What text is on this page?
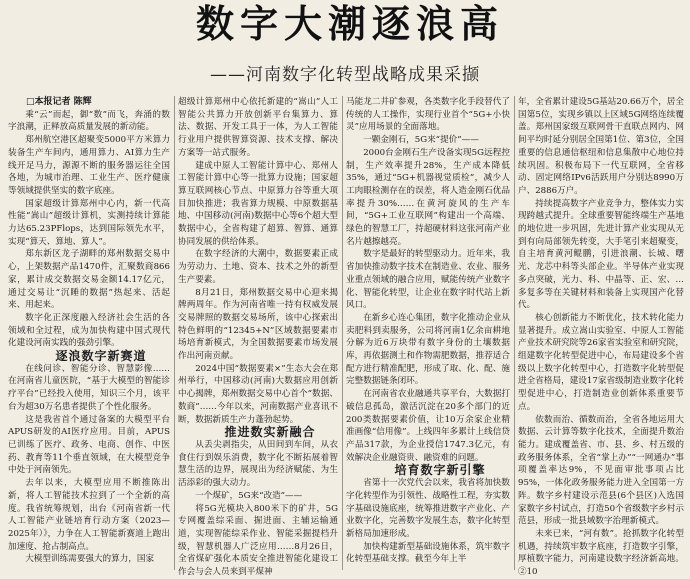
数字大潮逐浪高
——河南数字化转型战略成果采撷

□本报记者 陈辉

乘“云”而起，御“数”而飞，奔涌的数字浪潮，正释放高质量发展的新动能。

郑州航空港区超聚变5000平方米算力装备生产车间内，通用算力、AI算力生产线开足马力，源源不断的服务器运往全国各地，为城市治理、工业生产、医疗健康等领域提供坚实的数字底座。

国家超级计算郑州中心内，新一代高性能“嵩山”超级计算机，实测持续计算能力达65.23PFlops，达到国际领先水平，实现“算天、算地、算人”。

郑东新区龙子湖畔的郑州数据交易中心，上架数据产品1470件，汇聚数商866家，累计成交数据交易金额14.17亿元，通过交易让“沉睡的数据”热起来、活起来、用起来。

数字化正深度融入经济社会生活的各领域和全过程，成为加快构建中国式现代化建设河南实践的强劲引擎。

逐浪数字新赛道

在线问诊、智能分诊、智慧影像……在河南省儿童医院，“基于大模型的智能诊疗平台”已经投入使用，知识三个月，该平台为超30万名患者提供了个性化服务。

这是我省首个通过备案的大模型平台APUS研发的AI医疗应用。目前，APUS已训练了医疗、政务、电商、创作、中医药、教育等11个垂直领域，在大模型竞争中处于河南领先。

去年以来，大模型应用不断推陈出新，将人工智能技术拉到了一个全新的高度。我省统筹规划，出台《河南省新一代人工智能产业链培育行动方案（2023—2025年）》，力争在人工智能新赛道上跑出加速度、抢占制高点。

大模型训练需要强大的算力，国家

超级计算郑州中心依托新建的“嵩山”人工智能公共算力开放创新平台集算力、算法、数据、开发工具于一体，为人工智能行业用户提供智算资源、技术支撑、解决方案等一站式服务。

建成中原人工智能计算中心、郑州人工智能计算中心等一批算力设施；国家超算互联网核心节点、中原算力谷等重大项目加快推进；我省算力规模、中原数据基地、中国移动(河南)数据中心等6个超大型数据中心，全省构建了超算、智算、通算协同发展的供给体系。

在数字经济的大潮中，数据要素正成为劳动力、土地、资本、技术之外的新型生产要素。

8月21日，郑州数据交易中心迎来揭牌两周年。作为河南省唯一持有权威发展交易牌照的数据交易场所，该中心探索出特色鲜明的“12345+N”区域数据要素市场培育新模式，为全国数据要素市场发展作出河南贡献。

2024中国“数据要素×”生态大会在郑州举行，中国移动(河南)大数据应用创新中心揭牌，郑州数据交易中心首个“数据、数商”……今年以来，河南数据产业喜讯不断，数据新质生产力蓬勃起势。

推进数实新融合

从丢尖剥指尖，从田间到车间，从衣食住行到娱乐消费，数字化不断拓展着智慧生活的边界，展现出为经济赋能、为生活添彩的强大动力。

一个煤矿，5G来“改造”——

将5G光模块入800米下的矿井，5G专网覆盖综采面、掘进面、主辅运输通道，实现智能综采作业、智能采掘提档升级，智慧机器人广泛应用……8月26日，全省煤矿强化本质安全推进智能化建设工作会与会人员来到平煤神

马能龙二井矿参观，各类数字化手段替代了传统的人工操作，实现行业首个“5G+小快灵”应用场景的全面落地。

一颗金刚石，5G来“提价”——

2000台金刚石生产设备实现5G远程控制，生产效率提升28%，生产成本降低35%，通过“5G+机器视觉质检”，减少人工肉眼检测存在的误差，将人造金刚石优品率提升30%……在黄河旋风的生产车间，“5G+工业互联网”构建出一个高端、绿色的智慧工厂，持超硬材料这张河南产业名片越擦越亮。

数字是最好的转型驱动力。近年来，我省加快推动数字技术在制造业、农业、服务业重点领域的融合应用，赋能传统产业数字化、智能化转型，让企业在数字时代站上新风口。

在新乡心连心集团，数字化推动企业从卖肥料到卖服务，公司将河南1亿余亩耕地分解为近6万块带有数字身份的土壤数据库，再依据测土和作物需肥数据，推荐适合配方进行精准配肥，形成了取、化、配、施完整数据链条闭环。

在河南省农业融通共享平台，大数据打破信息孤岛，激活沉淀在20多个部门的近200类数据要素价值，让10万余家企业精准画像“信用像”。上线四年多累计上线信贷产品317款，为企业授信1747.3亿元，有效解决企业融资贵、融资难的问题。

培育数字新引擎

省第十一次党代会以来，我省将加快数字化转型作为引领性、战略性工程，夯实数字基础设施底座，统筹推进数字产业化、产业数字化，完善数字发展生态，数字化转型新格局加速形成。

加快构建新型基础设施体系，筑牢数字化转型基础支撑。截至今年上半

年，全省累计建设5G基站20.66万个，居全国第5位，实现乡镇以上区域5G网络连续覆盖。郑州国家级互联网骨干直联点网内、网间平均时延分别居全国第1位、第3位，全国重要的信息通信枢纽和信息集散中心地位持续巩固。积极布局下一代互联网，全省移动、固定网络IPv6活跃用户分别达8990万户、2886万户。

持续提高数字产业竞争力，整体实力实现跨越式提升。全球重要智能终端生产基地的地位进一步巩固，先进计算产业实现从无到有向局部领先转变，大手笔引来超聚变，自主培育黄河鲲鹏，引进浪潮、长城、曙光、龙芯中科等头部企业。半导体产业实现多点突破，光力、科、中晶等、正、宏、…多复多等在关键材料和装备上实现国产化替代。

核心创新能力不断优化，技术转化能力显著提升。成立嵩山实验室、中原人工智能产业技术研究院等26家省实验室和研究院，组建数字化转型促进中心，布局建设多个省级以上数字化转型中心，打造数字化转型促进全省格局，建设17家省级制造业数字化转型促进中心，打造制造业创新体系重要节点。

依数而治、循数而治，全省各地运用大数据、云计算等数字化技术，全面提升数治能力。建成覆盖省、市、县、乡、村五级的政务服务体系，全省“掌上办”“一网通办”事项覆盖率达9%，不见面审批事项占比95%，一体化政务服务能力进入全国第一方阵。数字乡村建设示范县(6个县区)入选国家数字乡村试点，打造50个省级数字乡村示范县，形成一批县域数字治理新模式。

未来已来，“河有数”。抢抓数字化转型机遇，持续筑牢数字底座，打造数字引擎，厚植数字能力，河南建设数字经济新高地。②10
